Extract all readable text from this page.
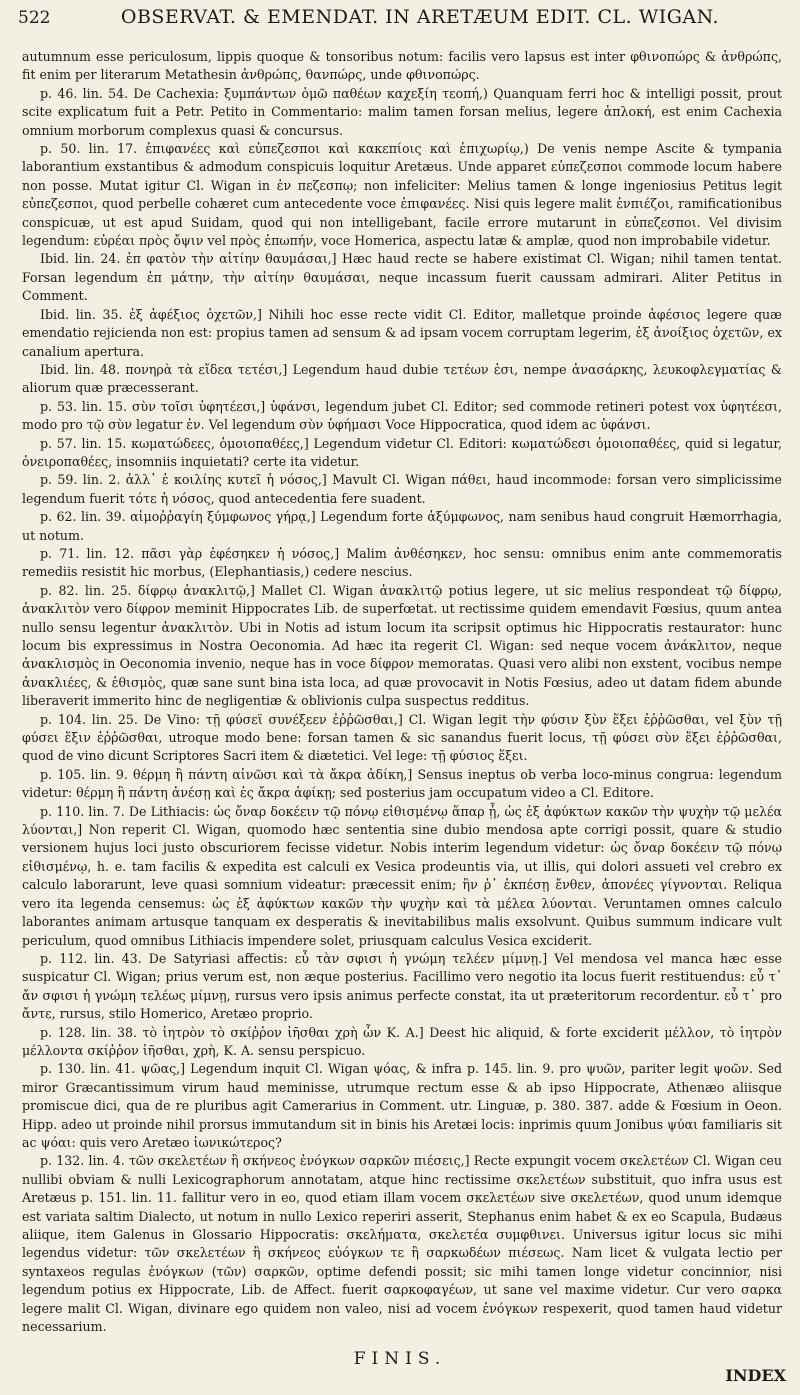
522	OBSERVAT. & EMENDAT. IN ARETÆUM EDIT. CL. WIGAN.

autumnum esse periculosum, lippis quoque & tonsoribus notum: facilis vero lapsus est inter φθινοπώρς & ἀνθρώπς, fit enim per literarum Metathesin ἀνθρώπς, θανπώρς, unde φθινοπώρς.

p. 46. lin. 54. De Cachexia: ξυμπάντων ὁμῶ παθέων καχεξίη τεοπή,) Quanquam ferri hoc & intelligi possit, prout scite explicatum fuit a Petr. Petito in Commentario: malim tamen forsan melius, legere ἀπλοκή, est enim Cachexia omnium morborum complexus quasi & concursus.

p. 50. lin. 17. ἐπιφανέες καὶ εὐπεζεσποι καὶ κακεπίοις καὶ ἐπιχωρίῳ,) De venis nempe Ascite & tympania laborantium exstantibus & admodum conspicuis loquitur Aretæus. Unde apparet εὐπεζεσποι commode locum habere non posse. Mutat igitur Cl. Wigan in ἐν πεζεσπῳ; non infeliciter: Melius tamen & longe ingeniosius Petitus legit εὐπεζεσποι, quod perbelle cohæret cum antecedente voce ἐπιφανέες. Nisi quis legere malit ἐνπιέζοι, ramificationibus conspicuæ, ut est apud Suidam, quod qui non intelligebant, facile errore mutarunt in εὐπεζεσποι. Vel divisim legendum: εὐρέαι πρὸς ὄψιν vel πρὸς ἐπωπήν, voce Homerica, aspectu latæ & amplæ, quod non improbabile videtur.

Ibid. lin. 24. ἐπ φατὸν τὴν αἰτίην θαυμάσαι,] Hæc haud recte se habere existimat Cl. Wigan; nihil tamen tentat. Forsan legendum ἐπ μάτην, τὴν αἰτίην θαυμάσαι, neque incassum fuerit caussam admirari. Aliter Petitus in Comment.

Ibid. lin. 35. ἐξ ἀφέξιος ὀχετῶν,] Nihili hoc esse recte vidit Cl. Editor, malletque proinde ἀφέσιος legere quæ emendatio rejicienda non est: propius tamen ad sensum & ad ipsam vocem corruptam legerim, ἐξ ἀνοίξιος ὀχετῶν, ex canalium apertura.

Ibid. lin. 48. πονηρὰ τὰ εἴδεα τετέσι,] Legendum haud dubie τετέων ἐσι, nempe ἀνασάρκης, λευκοφλεγματίας & aliorum quæ præcesserant.

p. 53. lin. 15. σὺν τοῖσι ὑφητέεσι,] ὑφάνσι, legendum jubet Cl. Editor; sed commode retineri potest vox ὑφητέεσι, modo pro τῷ σὺν legatur ἐν. Vel legendum σὺν ὑφήμασι Voce Hippocratica, quod idem ac ὑφάνσι.

p. 57. lin. 15. κωματώδεες, ὁμοιοπαθέες,] Legendum videtur Cl. Editori: κωματώδεσι ὁμοιοπαθέες, quid si legatur, ὀνειροπαθέες, insomniis inquietati? certe ita videtur.

p. 59. lin. 2. ἀλλ᾿ ἐ κοιλίης κυτεῖ ἡ νόσος,] Mavult Cl. Wigan πάθει, haud incommode: forsan vero simplicissime legendum fuerit τότε ἡ νόσος, quod antecedentia fere suadent.

p. 62. lin. 39. αἱμοῤῥαγίη ξύμφωνος γήρᾳ,] Legendum forte ἀξύμφωνος, nam senibus haud congruit Hæmorrhagia, ut notum.

p. 71. lin. 12. πᾶσι γὰρ ἐφέσηκεν ἡ νόσος,] Malim ἀνθέσηκεν, hoc sensu: omnibus enim ante commemoratis remediis resistit hic morbus, (Elephantiasis,) cedere nescius.

p. 82. lin. 25. δίφρῳ ἀνακλιτῷ,] Mallet Cl. Wigan ἀνακλιτῷ potius legere, ut sic melius respondeat τῷ δίφρῳ, ἀνακλιτὸν vero δίφρον meminit Hippocrates Lib. de superfœtat. ut rectissime quidem emendavit Fœsius, quum antea nullo sensu legentur ἀνακλιτὸν. Ubi in Notis ad istum locum ita scripsit optimus hic Hippocratis restaurator: hunc locum bis expressimus in Nostra Oeconomia. Ad hæc ita regerit Cl. Wigan: sed neque vocem ἀνάκλιτον, neque ἀνακλισμὸς in Oeconomia invenio, neque has in voce δίφρον memoratas. Quasi vero alibi non exstent, vocibus nempe ἀνακλιέες, & ἐθισμὸς, quæ sane sunt bina ista loca, ad quæ provocavit in Notis Fœsius, adeo ut datam fidem abunde liberaverit immerito hinc de negligentiæ & oblivionis culpa suspectus redditus.

p. 104. lin. 25. De Vino: τῇ φύσεϊ συνέξεεν ἐῤῥῶσθαι,] Cl. Wigan legit τὴν φύσιν ξὺν ἕξει ἐῤῥῶσθαι, vel ξὺν τῇ φύσει ἕξιν ἐῤῥῶσθαι, utroque modo bene: forsan tamen & sic sanandus fuerit locus, τῇ φύσει σὺν ἕξει ἐῤῥῶσθαι, quod de vino dicunt Scriptores Sacri item & diætetici. Vel lege: τῇ φύσιος ἕξει.

p. 105. lin. 9. θέρμη ἢ πάντη αἰνῶσι καὶ τὰ ἄκρα ἀδίκη,] Sensus ineptus ob verba loco-minus congrua: legendum videtur: θέρμη ἢ πάντη ἀνέσῃ καὶ ἐς ἄκρα ἀφίκῃ; sed posterius jam occupatum video a Cl. Editore.

p. 110. lin. 7. De Lithiacis: ὡς ὄναρ δοκέειν τῷ πόνῳ εἰθισμένῳ ἅπαρ ᾗ, ὡς ἐξ ἀφύκτων κακῶν τὴν ψυχὴν τῷ μελέα λύονται,] Non reperit Cl. Wigan, quomodo hæc sententia sine dubio mendosa apte corrigi possit, quare & studio versionem hujus loci justo obscuriorem fecisse videtur. Nobis interim legendum videtur: ὡς ὄναρ δοκέειν τῷ πόνῳ εἰθισμένῳ, h. e. tam facilis & expedita est calculi ex Vesica prodeuntis via, ut illis, qui dolori assueti vel crebro ex calculo laborarunt, leve quasi somnium videatur: præcessit enim; ἢν ῥ᾿ ἐκπέσῃ ἔνθεν, ἀπονέες γίγνονται. Reliqua vero ita legenda censemus: ὡς ἐξ ἀφύκτων κακῶν τὴν ψυχὴν καὶ τὰ μέλεα λύονται. Veruntamen omnes calculo laborantes animam artusque tanquam ex desperatis & inevitabilibus malis exsolvunt. Quibus summum indicare vult periculum, quod omnibus Lithiacis impendere solet, priusquam calculus Vesica exciderit.

p. 112. lin. 43. De Satyriasi affectis: εὖ τὰν σφισι ἡ γνώμη τελέεν μίμνῃ.] Vel mendosa vel manca hæc esse suspicatur Cl. Wigan; prius verum est, non æque posterius. Facillimo vero negotio ita locus fuerit restituendus: εὖ τ᾿ ἄν σφισι ἡ γνώμη τελέως μίμνῃ, rursus vero ipsis animus perfecte constat, ita ut præteritorum recordentur. εὖ τ᾿ pro ἄντε, rursus, stilo Homerico, Aretæo proprio.

p. 128. lin. 38. τὸ ἰητρὸν τὸ σκίῤῥον ἰῆσθαι χρὴ ὧν Κ. Α.] Deest hic aliquid, & forte exciderit μέλλον, τὸ ἰητρὸν μέλλοντα σκίῤῥον ἰῆσθαι, χρὴ, Κ. Α. sensu perspicuo.

p. 130. lin. 41. ψῶας,] Legendum inquit Cl. Wigan ψόας, & infra p. 145. lin. 9. pro ψυῶν, pariter legit ψοῶν. Sed miror Græcantissimum virum haud meminisse, utrumque rectum esse & ab ipso Hippocrate, Athenæo aliisque promiscue dici, qua de re pluribus agit Camerarius in Comment. utr. Linguæ, p. 380. 387. adde & Fœsium in Oeon. Hipp. adeo ut proinde nihil prorsus immutandum sit in binis his Aretæi locis: inprimis quum Jonibus ψύαι familiaris sit ac ψόαι: quis vero Aretæo ἰωνικώτερος?

p. 132. lin. 4. τῶν σκελετέων ἢ σκήνεος ἐνόγκων σαρκῶν πιέσεις,] Recte expungit vocem σκελετέων Cl. Wigan ceu nullibi obviam & nulli Lexicographorum annotatam, atque hinc rectissime σκελετέων substituit, quo infra usus est Aretæus p. 151. lin. 11. fallitur vero in eo, quod etiam illam vocem σκελετέων sive σκελετέων, quod unum idemque est variata saltim Dialecto, ut notum in nullo Lexico reperiri asserit, Stephanus enim habet & ex eo Scapula, Budæus aliique, item Galenus in Glossario Hippocratis: σκελήματα, σκελετέα συμφθινει. Universus igitur locus sic mihi legendus videtur: τῶν σκελετέων ἢ σκήνεος εὐόγκων τε ἢ σαρκωδέων πιέσεως. Nam licet & vulgata lectio per syntaxeos regulas ἐνόγκων (τῶν) σαρκῶν, optime defendi possit; sic mihi tamen longe videtur concinnior, nisi legendum potius ex Hippocrate, Lib. de Affect. fuerit σαρκοφαγέων, ut sane vel maxime videtur. Cur vero σαρκα legere malit Cl. Wigan, divinare ego quidem non valeo, nisi ad vocem ἐνόγκων respexerit, quod tamen haud videtur necessarium.

FINIS.
INDEX
